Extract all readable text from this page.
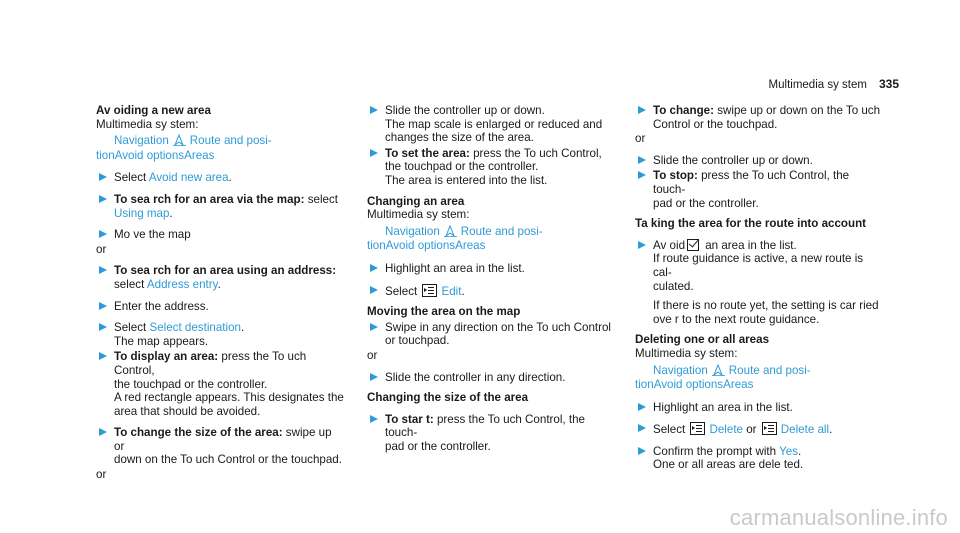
Multimedia sy stem 335
Av oiding a new area
Multimedia sy stem:
Navigation Route and posi-
tionAvoid optionsAreas
Select Avoid new area.
To sea rch for an area via the map: select
Using map.
Mo ve the map
or
To sea rch for an area using an address:
select Address entry.
Enter the address.
Select Select destination.
The map appears.
To display an area: press the To uch Control,
the touchpad or the controller.
A red rectangle appears. This designates the
area that should be avoided.
To change the size of the area: swipe up or
down on the To uch Control or the touchpad.
or
Slide the controller up or down.
The map scale is enlarged or reduced and
changes the size of the area.
To set the area: press the To uch Control,
the touchpad or the controller.
The area is entered into the list.
Changing an area
Multimedia sy stem:
Navigation Route and posi-
tionAvoid optionsAreas
Highlight an area in the list.
Select Edit.
Moving the area on the map
Swipe in any direction on the To uch Control
or touchpad.
or
Slide the controller in any direction.
Changing the size of the area
To star t: press the To uch Control, the touch‐
pad or the controller.
To change: swipe up or down on the To uch
Control or the touchpad.
or
Slide the controller up or down.
To stop: press the To uch Control, the touch‐
pad or the controller.
Ta king the area for the route into account
Av oid an area in the list.
If route guidance is active, a new route is cal‐
culated.
If there is no route yet, the setting is car ried
ove r to the next route guidance.
Deleting one or all areas
Multimedia sy stem:
Navigation Route and posi-
tionAvoid optionsAreas
Highlight an area in the list.
Select Delete or Delete all.
Confirm the prompt with Yes.
One or all areas are dele ted.
carmanualsonline.info
